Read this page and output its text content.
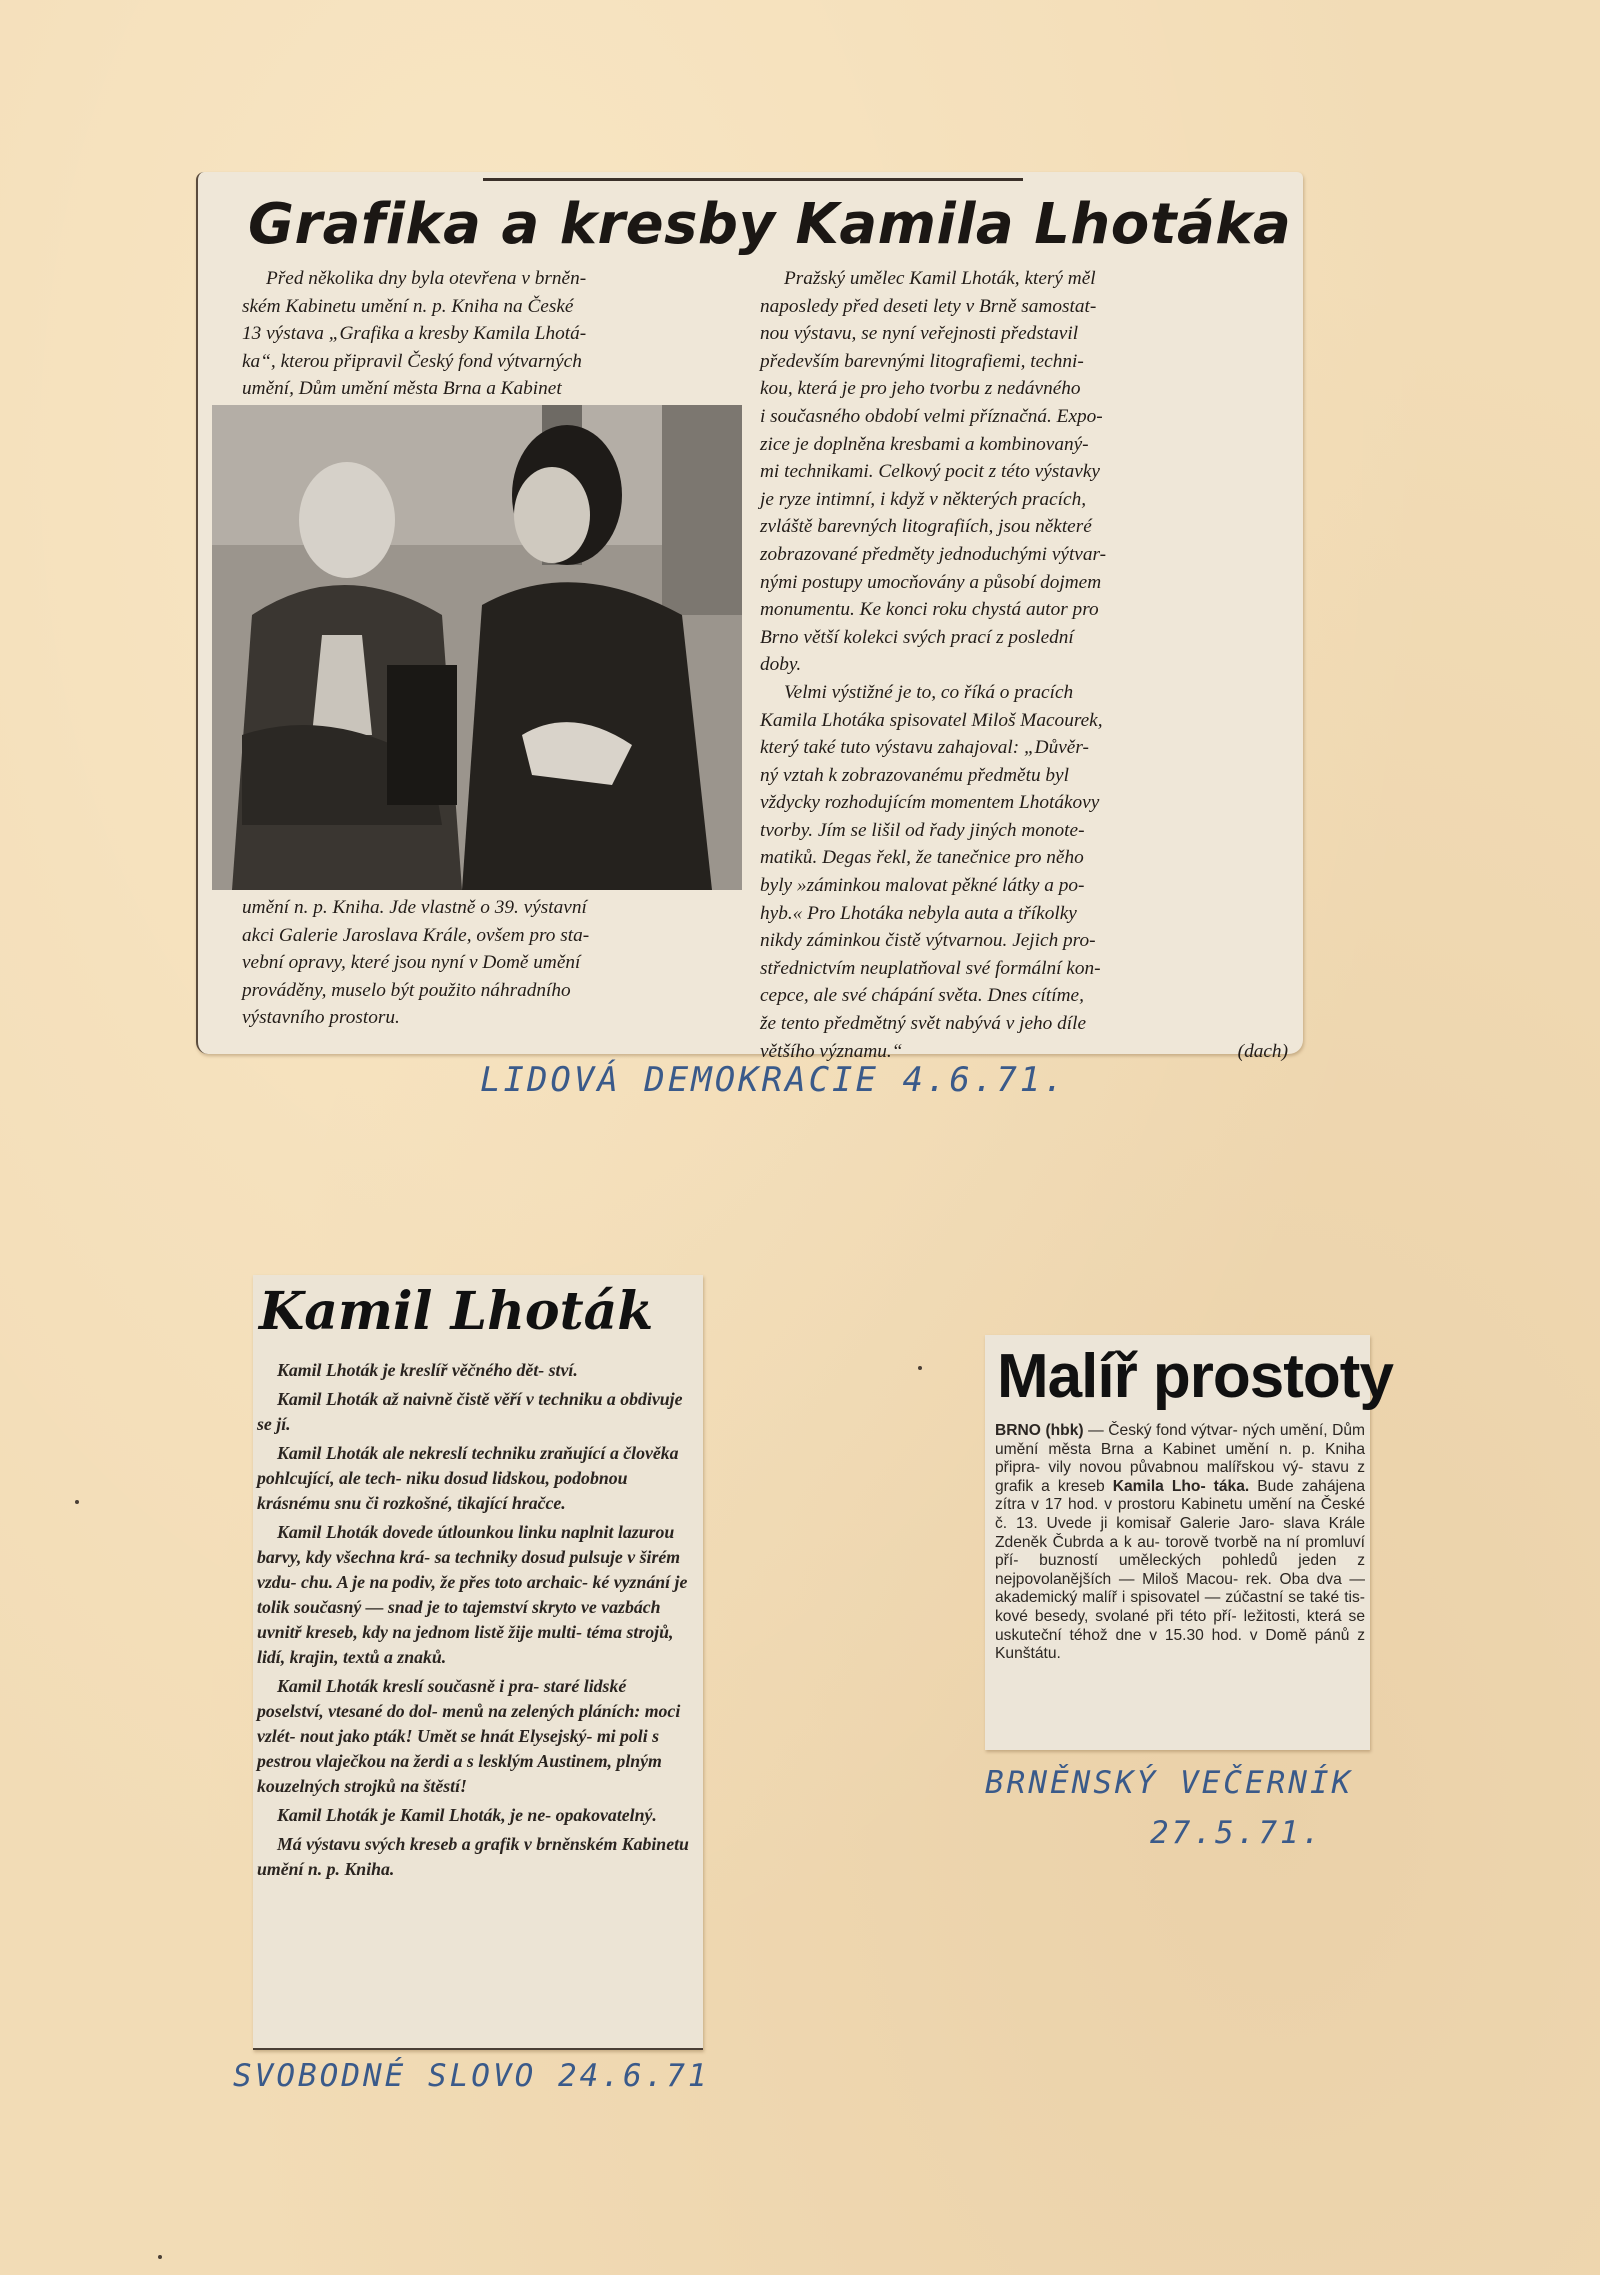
Grafika a kresby Kamila Lhotáka
Před několika dny byla otevřena v brněn-
ském Kabinetu umění n. p. Kniha na České
13 výstava „Grafika a kresby Kamila Lhotá-
ka“, kterou připravil Český fond výtvarných
umění, Dům umění města Brna a Kabinet
umění n. p. Kniha. Jde vlastně o 39. výstavní
akci Galerie Jaroslava Krále, ovšem pro sta-
vební opravy, které jsou nyní v Domě umění
prováděny, muselo být použito náhradního
výstavního prostoru.
Pražský umělec Kamil Lhoták, který měl
naposledy před deseti lety v Brně samostat-
nou výstavu, se nyní veřejnosti představil
především barevnými litografiemi, techni-
kou, která je pro jeho tvorbu z nedávného
i současného období velmi příznačná. Expo-
zice je doplněna kresbami a kombinovaný-
mi technikami. Celkový pocit z této výstavky
je ryze intimní, i když v některých pracích,
zvláště barevných litografiích, jsou některé
zobrazované předměty jednoduchými výtvar-
nými postupy umocňovány a působí dojmem
monumentu. Ke konci roku chystá autor pro
Brno větší kolekci svých prací z poslední
doby.
Velmi výstižné je to, co říká o pracích
Kamila Lhotáka spisovatel Miloš Macourek,
který také tuto výstavu zahajoval: „Důvěr-
ný vztah k zobrazovanému předmětu byl
vždycky rozhodujícím momentem Lhotákovy
tvorby. Jím se lišil od řady jiných monote-
matiků. Degas řekl, že tanečnice pro něho
byly »záminkou malovat pěkné látky a po-
hyb.« Pro Lhotáka nebyla auta a tříkolky
nikdy záminkou čistě výtvarnou. Jejich pro-
střednictvím neuplatňoval své formální kon-
cepce, ale své chápání světa. Dnes cítíme,
že tento předmětný svět nabývá v jeho díle
většího významu.“	(dach)
LIDOVÁ DEMOKRACIE 4.6.71.
Kamil Lhoták

Kamil Lhoták je kreslíř věčného dět- ství.

Kamil Lhoták až naivně čistě věří v techniku a obdivuje se jí.

Kamil Lhoták ale nekreslí techniku zraňující a člověka pohlcující, ale tech- niku dosud lidskou, podobnou krásnému snu či rozkošné, tikající hračce.

Kamil Lhoták dovede útlounkou linku naplnit lazurou barvy, kdy všechna krá- sa techniky dosud pulsuje v širém vzdu- chu. A je na podiv, že přes toto archaic- ké vyznání je tolik současný — snad je to tajemství skryto ve vazbách uvnitř kreseb, kdy na jednom listě žije multi- téma strojů, lidí, krajin, textů a znaků.

Kamil Lhoták kreslí současně i pra- staré lidské poselství, vtesané do dol- menů na zelených pláních: moci vzlét- nout jako pták! Umět se hnát Elysejský- mi poli s pestrou vlaječkou na žerdi a s lesklým Austinem, plným kouzelných strojků na štěstí!

Kamil Lhoták je Kamil Lhoták, je ne- opakovatelný.

Má výstavu svých kreseb a grafik v brněnském Kabinetu umění n. p. Kniha.

SVOBODNÉ SLOVO 24.6.71
Malíř prostoty

BRNO (hbk) — Český fond výtvar- ných umění, Dům umění města Brna a Kabinet umění n. p. Kniha připra- vily novou půvabnou malířskou vý- stavu z grafik a kreseb Kamila Lho- táka. Bude zahájena zítra v 17 hod. v prostoru Kabinetu umění na České č. 13. Uvede ji komisař Galerie Jaro- slava Krále Zdeněk Čubrda a k au- torově tvorbě na ní promluví pří- buzností uměleckých pohledů jeden z nejpovolanějších — Miloš Macou- rek. Oba dva — akademický malíř i spisovatel — zúčastní se také tis- kové besedy, svolané při této pří- ležitosti, která se uskuteční téhož dne v 15.30 hod. v Domě pánů z Kunštátu.

BRNĚNSKÝ VEČERNÍK
27.5.71.
